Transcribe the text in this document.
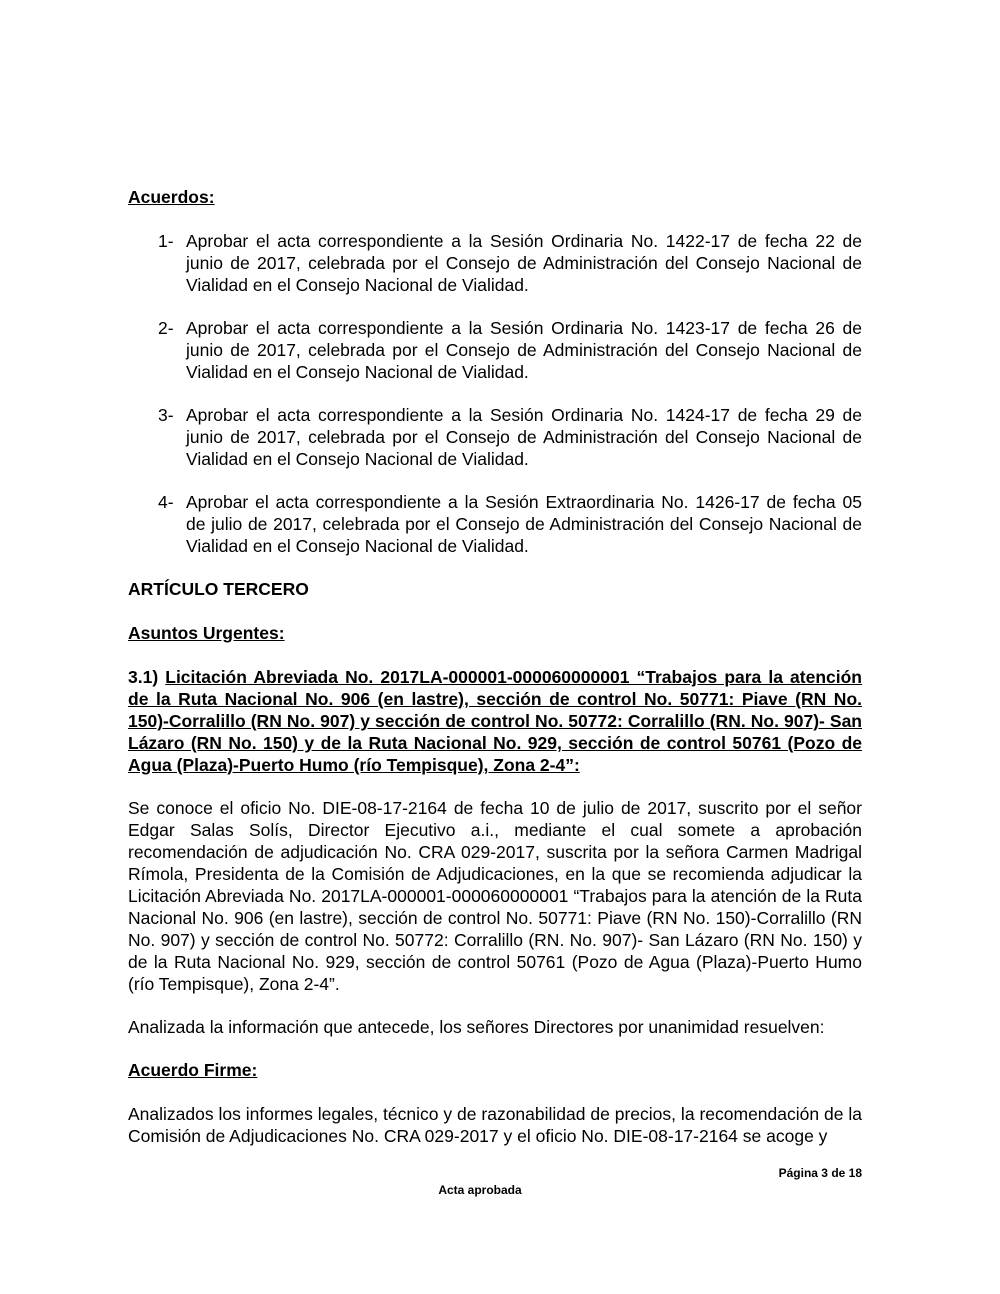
Acuerdos:
1- Aprobar el acta correspondiente a la Sesión Ordinaria No. 1422-17 de fecha 22 de junio de 2017, celebrada por el Consejo de Administración del Consejo Nacional de Vialidad en el Consejo Nacional de Vialidad.
2- Aprobar el acta correspondiente a la Sesión Ordinaria No. 1423-17 de fecha 26 de junio de 2017, celebrada por el Consejo de Administración del Consejo Nacional de Vialidad en el Consejo Nacional de Vialidad.
3- Aprobar el acta correspondiente a la Sesión Ordinaria No. 1424-17 de fecha 29 de junio de 2017, celebrada por el Consejo de Administración del Consejo Nacional de Vialidad en el Consejo Nacional de Vialidad.
4- Aprobar el acta correspondiente a la Sesión Extraordinaria No. 1426-17 de fecha 05 de julio de 2017, celebrada por el Consejo de Administración del Consejo Nacional de Vialidad en el Consejo Nacional de Vialidad.
ARTÍCULO TERCERO
Asuntos Urgentes:
3.1) Licitación Abreviada No. 2017LA-000001-000060000001 “Trabajos para la atención de la Ruta Nacional No. 906 (en lastre), sección de control No. 50771: Piave (RN No. 150)-Corralillo (RN No. 907) y sección de control No. 50772: Corralillo (RN. No. 907)- San Lázaro (RN No. 150) y de la Ruta Nacional No. 929, sección de control 50761 (Pozo de Agua (Plaza)-Puerto Humo (río Tempisque), Zona 2-4”:
Se conoce el oficio No. DIE-08-17-2164 de fecha 10 de julio de 2017, suscrito por el señor Edgar Salas Solís, Director Ejecutivo a.i., mediante el cual somete a aprobación recomendación de adjudicación No. CRA 029-2017, suscrita por la señora Carmen Madrigal Rímola, Presidenta de la Comisión de Adjudicaciones, en la que se recomienda adjudicar la Licitación Abreviada No. 2017LA-000001-000060000001 “Trabajos para la atención de la Ruta Nacional No. 906 (en lastre), sección de control No. 50771: Piave (RN No. 150)-Corralillo (RN No. 907) y sección de control No. 50772: Corralillo (RN. No. 907)- San Lázaro (RN No. 150) y de la Ruta Nacional No. 929, sección de control 50761 (Pozo de Agua (Plaza)-Puerto Humo (río Tempisque), Zona 2-4”.
Analizada la información que antecede, los señores Directores por unanimidad resuelven:
Acuerdo Firme:
Analizados los informes legales, técnico y de razonabilidad de precios, la recomendación de la Comisión de Adjudicaciones No. CRA 029-2017 y el oficio No. DIE-08-17-2164 se acoge y
Página 3 de 18
Acta aprobada
